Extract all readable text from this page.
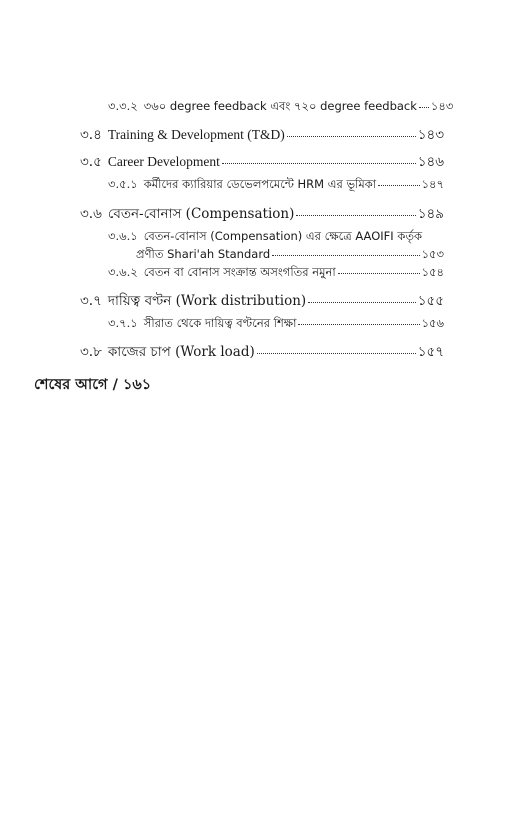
৩.৩.২ ৩৬০ degree feedback এবং ৭২০ degree feedback ১৪৩
৩.৪ Training & Development (T&D)	১৪৩
৩.৫ Career Development	১৪৬
৩.৫.১ কর্মীদের ক্যারিয়ার ডেভেলপমেন্টে HRM এর ভূমিকা	১৪৭
৩.৬ বেতন-বোনাস (Compensation)	১৪৯
৩.৬.১ বেতন-বোনাস (Compensation) এর ক্ষেত্রে AAOIFI কর্তৃক
প্রণীত Shari'ah Standard	১৫৩
৩.৬.২ বেতন বা বোনাস সংক্রান্ত অসংগতির নমুনা	১৫৪
৩.৭ দায়িত্ব বণ্টন (Work distribution)	১৫৫
৩.৭.১ সীরাত থেকে দায়িত্ব বণ্টনের শিক্ষা	১৫৬
৩.৮ কাজের চাপ (Work load)	১৫৭
শেষের আগে / ১৬১
